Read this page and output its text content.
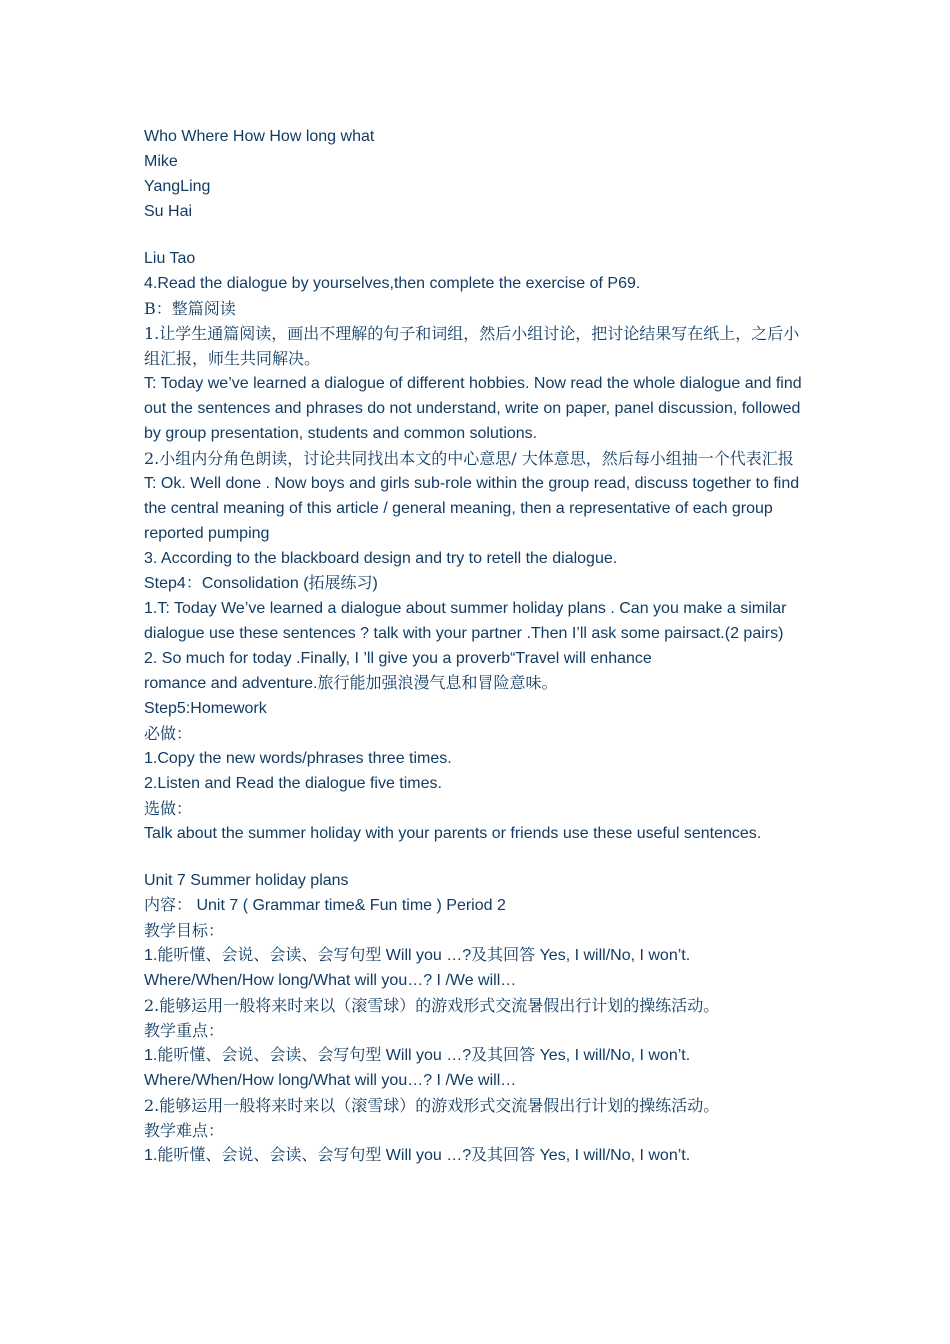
Who Where How How long what
Mike
YangLing
Su Hai
Liu Tao
4.Read the dialogue by yourselves,then complete the exercise of P69.
B：整篇阅读
1.让学生通篇阅读，画出不理解的句子和词组，然后小组讨论，把讨论结果写在纸上，之后小组汇报，师生共同解决。
T: Today we’ve learned a dialogue of different hobbies. Now read the whole dialogue and find out the sentences and phrases do not understand, write on paper, panel discussion, followed by group presentation, students and common solutions.
2.小组内分角色朗读，讨论共同找出本文的中心意思/ 大体意思，然后每小组抽一个代表汇报
T: Ok. Well done . Now boys and girls sub-role within the group read, discuss together to find the central meaning of this article / general meaning, then a representative of each group reported pumping
3. According to the blackboard design and try to retell the dialogue.
Step4：Consolidation (拓展练习)
1.T: Today We’ve learned a dialogue about summer holiday plans . Can you make a similar dialogue use these sentences ? talk with your partner .Then I’ll ask some pairsact.(2 pairs)
2. So much for today .Finally, I ’ll give you a proverb“Travel will enhance
romance and adventure.旅行能加强浪漫气息和冒险意味。
Step5:Homework
必做：
1.Copy the new words/phrases three times.
2.Listen and Read the dialogue five times.
选做：
Talk about the summer holiday with your parents or friends use these useful sentences.
Unit 7 Summer holiday plans
内容： Unit 7 ( Grammar time& Fun time ) Period 2
教学目标：
1.能听懂、会说、会读、会写句型 Will you …?及其回答 Yes, I will/No, I won’t.
Where/When/How long/What will you…? I /We will…
2.能够运用一般将来时来以（滚雪球）的游戏形式交流暑假出行计划的操练活动。
教学重点：
1.能听懂、会说、会读、会写句型 Will you …?及其回答 Yes, I will/No, I won’t.
Where/When/How long/What will you…? I /We will…
2.能够运用一般将来时来以（滚雪球）的游戏形式交流暑假出行计划的操练活动。
教学难点：
1.能听懂、会说、会读、会写句型 Will you …?及其回答 Yes, I will/No, I won’t.
